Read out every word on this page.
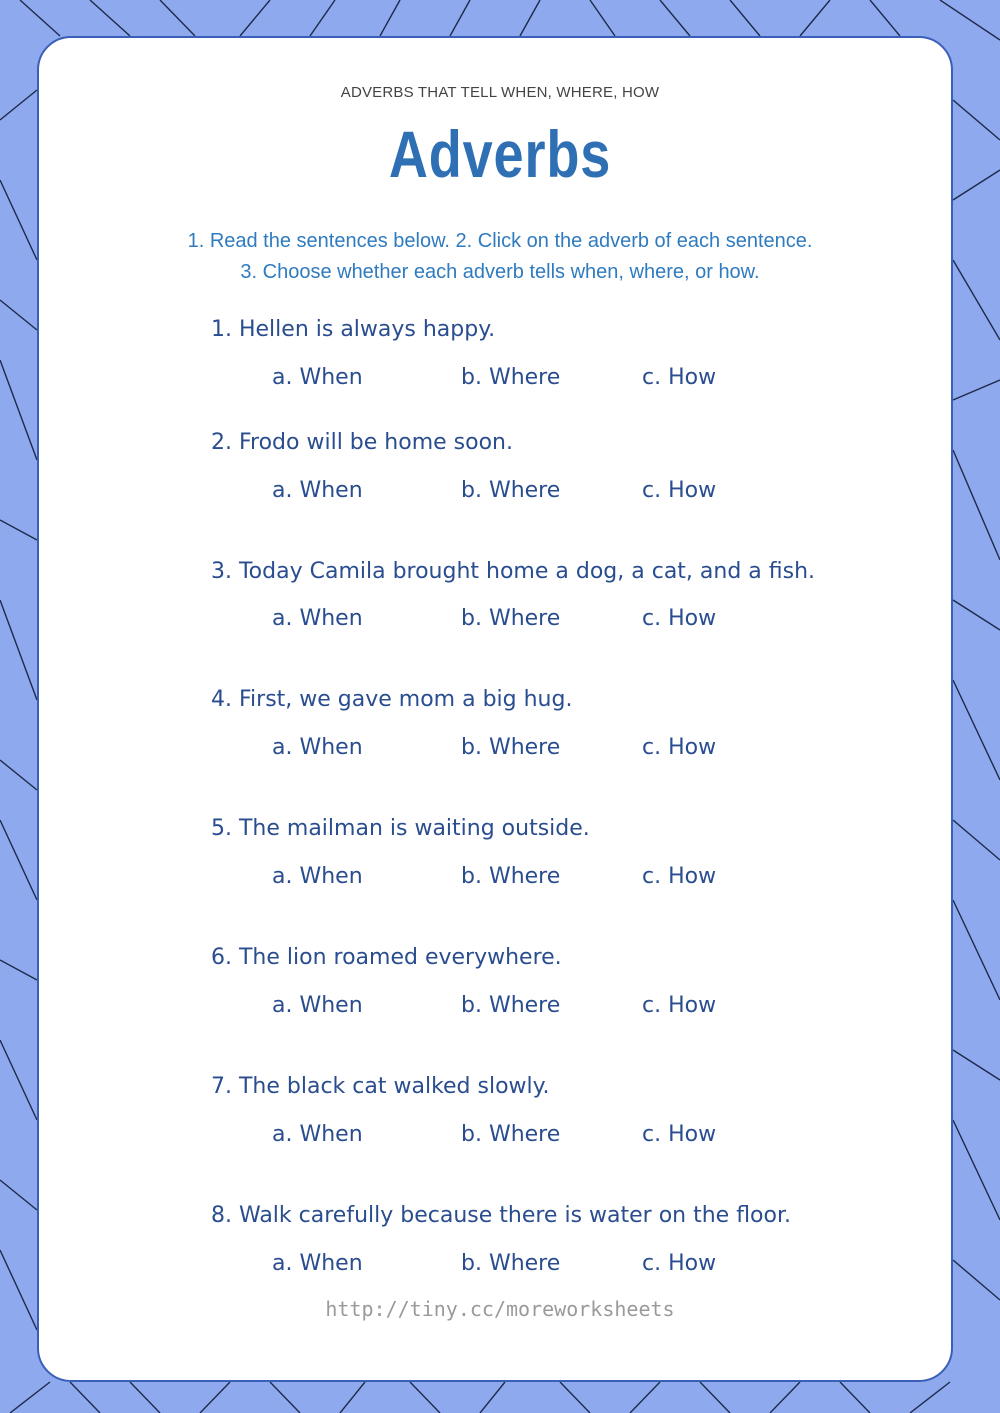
ADVERBS THAT TELL WHEN, WHERE, HOW
Adverbs
1. Read the sentences below. 2. Click on the adverb of each sentence.
3. Choose whether each adverb tells when, where, or how.
1. Hellen is always happy.
a. When	b. Where	c. How
2. Frodo will be home soon.
a. When	b. Where	c. How
3. Today Camila brought home a dog, a cat, and a fish.
a. When	b. Where	c. How
4. First, we gave mom a big hug.
a. When	b. Where	c. How
5. The mailman is waiting outside.
a. When	b. Where	c. How
6. The lion roamed everywhere.
a. When	b. Where	c. How
7. The black cat walked slowly.
a. When	b. Where	c. How
8. Walk carefully because there is water on the floor.
a. When	b. Where	c. How
http://tiny.cc/moreworksheets
